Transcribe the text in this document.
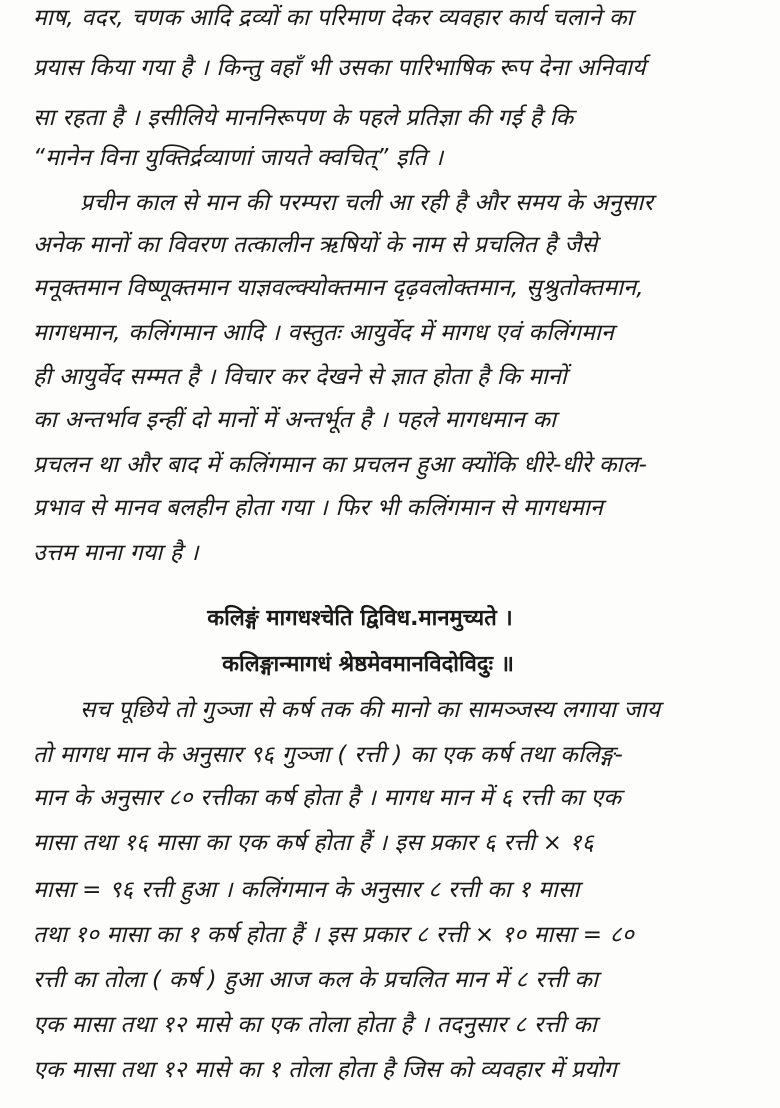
माष, वदर, चणक आदि द्रव्यों का परिमाण देकर व्यवहार कार्य चलाने का
प्रयास किया गया है । किन्तु वहाँ भी उसका पारिभाषिक रूप देना अनिवार्य
सा रहता है । इसीलिये माननिरूपण के पहले प्रतिज्ञा की गई है कि
“मानेन विना युक्तिर्द्रव्याणां जायते क्वचित्” इति ।
प्रचीन काल से मान की परम्परा चली आ रही है और समय के अनुसार
अनेक मानों का विवरण तत्कालीन ऋषियों के नाम से प्रचलित है जैसे
मनूक्तमान विष्णूक्तमान याज्ञवल्क्योक्तमान दृढ़वलोक्तमान, सुश्रुतोक्तमान,
मागधमान, कलिंगमान आदि । वस्तुतः आयुर्वेद में मागध एवं कलिंगमान
ही आयुर्वेद सम्मत है । विचार कर देखने से ज्ञात होता है कि मानों
का अन्तर्भाव इन्हीं दो मानों में अन्तर्भूत है । पहले मागधमान का
प्रचलन था और बाद में कलिंगमान का प्रचलन हुआ क्योंकि धीरे-धीरे काल-
प्रभाव से मानव बलहीन होता गया । फिर भी कलिंगमान से मागधमान
उत्तम माना गया है ।
कलिङ्गं मागधश्चेति द्विविध.मानमुच्यते ।
कलिङ्गान्मागधं श्रेष्ठमेवमानविदोविदुः ॥
सच पूछिये तो गुञ्जा से कर्ष तक की मानो का सामञ्जस्य लगाया जाय
तो मागध मान के अनुसार ९६ गुञ्जा ( रत्ती ) का एक कर्ष तथा कलिङ्ग-
मान के अनुसार ८० रत्तीका कर्ष होता है । मागध मान में ६ रत्ती का एक
मासा तथा १६ मासा का एक कर्ष होता हैं । इस प्रकार ६ रत्ती × १६
मासा = ९६ रत्ती हुआ । कलिंगमान के अनुसार ८ रत्ती का १ मासा
तथा १० मासा का १ कर्ष होता हैं । इस प्रकार ८ रत्ती × १० मासा = ८०
रत्ती का तोला ( कर्ष ) हुआ आज कल के प्रचलित मान में ८ रत्ती का
एक मासा तथा १२ मासे का एक तोला होता है । तदनुसार ८ रत्ती का
एक मासा तथा १२ मासे का १ तोला होता है जिस को व्यवहार में प्रयोग
